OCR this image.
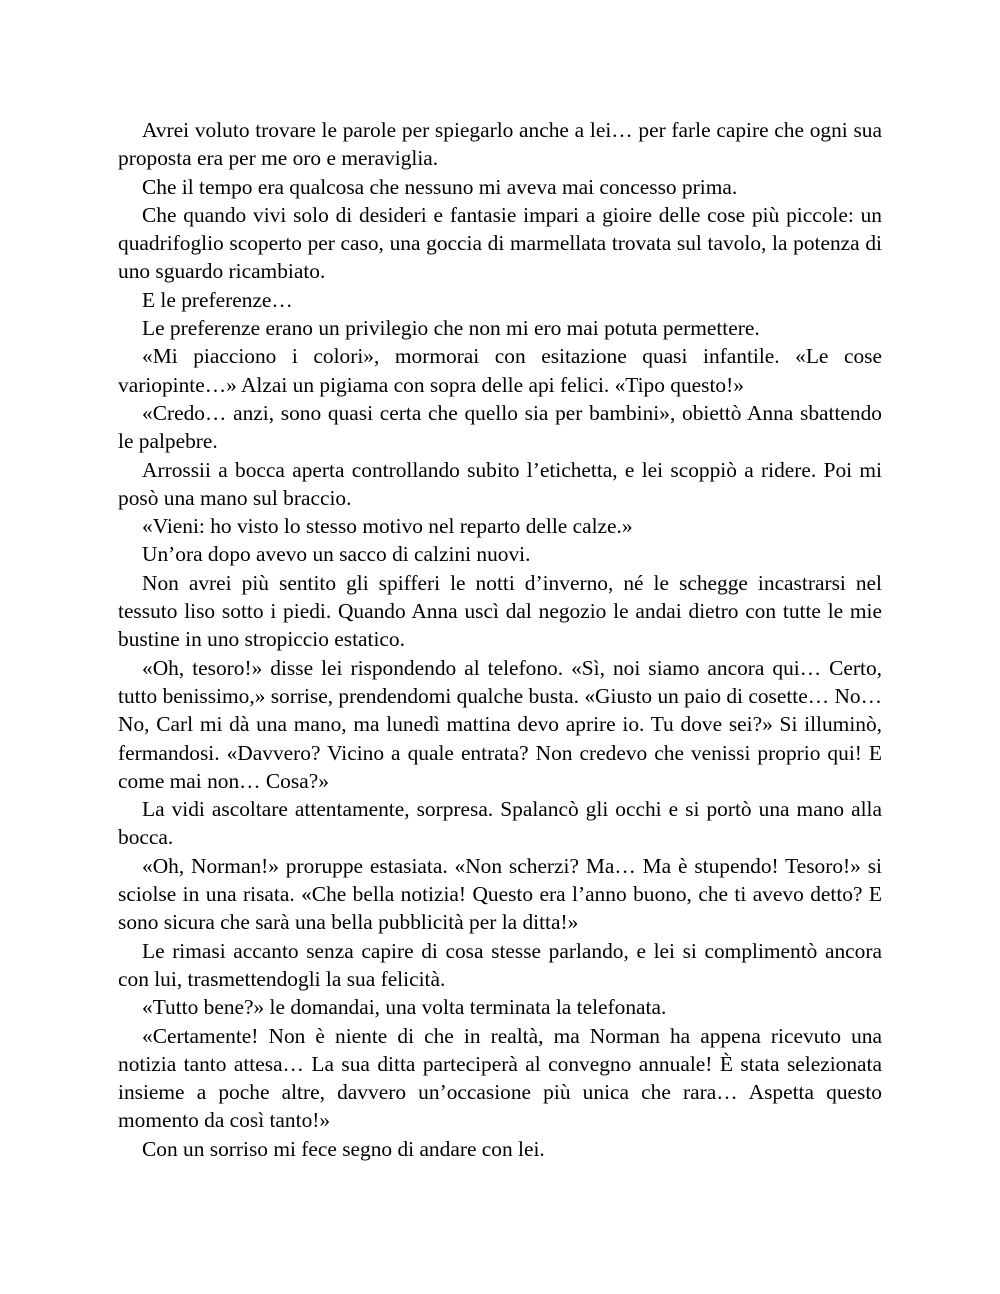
Avrei voluto trovare le parole per spiegarlo anche a lei… per farle capire che ogni sua proposta era per me oro e meraviglia.

Che il tempo era qualcosa che nessuno mi aveva mai concesso prima.

Che quando vivi solo di desideri e fantasie impari a gioire delle cose più piccole: un quadrifoglio scoperto per caso, una goccia di marmellata trovata sul tavolo, la potenza di uno sguardo ricambiato.

E le preferenze…

Le preferenze erano un privilegio che non mi ero mai potuta permettere.

«Mi piacciono i colori», mormorai con esitazione quasi infantile. «Le cose variopinte…» Alzai un pigiama con sopra delle api felici. «Tipo questo!»

«Credo… anzi, sono quasi certa che quello sia per bambini», obiettò Anna sbattendo le palpebre.

Arrossii a bocca aperta controllando subito l’etichetta, e lei scoppiò a ridere. Poi mi posò una mano sul braccio.

«Vieni: ho visto lo stesso motivo nel reparto delle calze.»

Un’ora dopo avevo un sacco di calzini nuovi.

Non avrei più sentito gli spifferi le notti d’inverno, né le schegge incastrarsi nel tessuto liso sotto i piedi. Quando Anna uscì dal negozio le andai dietro con tutte le mie bustine in uno stropiccio estatico.

«Oh, tesoro!» disse lei rispondendo al telefono. «Sì, noi siamo ancora qui… Certo, tutto benissimo,» sorrise, prendendomi qualche busta. «Giusto un paio di cosette… No… No, Carl mi dà una mano, ma lunedì mattina devo aprire io. Tu dove sei?» Si illuminò, fermandosi. «Davvero? Vicino a quale entrata? Non credevo che venissi proprio qui! E come mai non… Cosa?»

La vidi ascoltare attentamente, sorpresa. Spalancò gli occhi e si portò una mano alla bocca.

«Oh, Norman!» proruppe estasiata. «Non scherzi? Ma… Ma è stupendo! Tesoro!» si sciolse in una risata. «Che bella notizia! Questo era l’anno buono, che ti avevo detto? E sono sicura che sarà una bella pubblicità per la ditta!»

Le rimasi accanto senza capire di cosa stesse parlando, e lei si complimentò ancora con lui, trasmettendogli la sua felicità.

«Tutto bene?» le domandai, una volta terminata la telefonata.

«Certamente! Non è niente di che in realtà, ma Norman ha appena ricevuto una notizia tanto attesa… La sua ditta parteciperà al convegno annuale! È stata selezionata insieme a poche altre, davvero un’occasione più unica che rara… Aspetta questo momento da così tanto!»

Con un sorriso mi fece segno di andare con lei.
